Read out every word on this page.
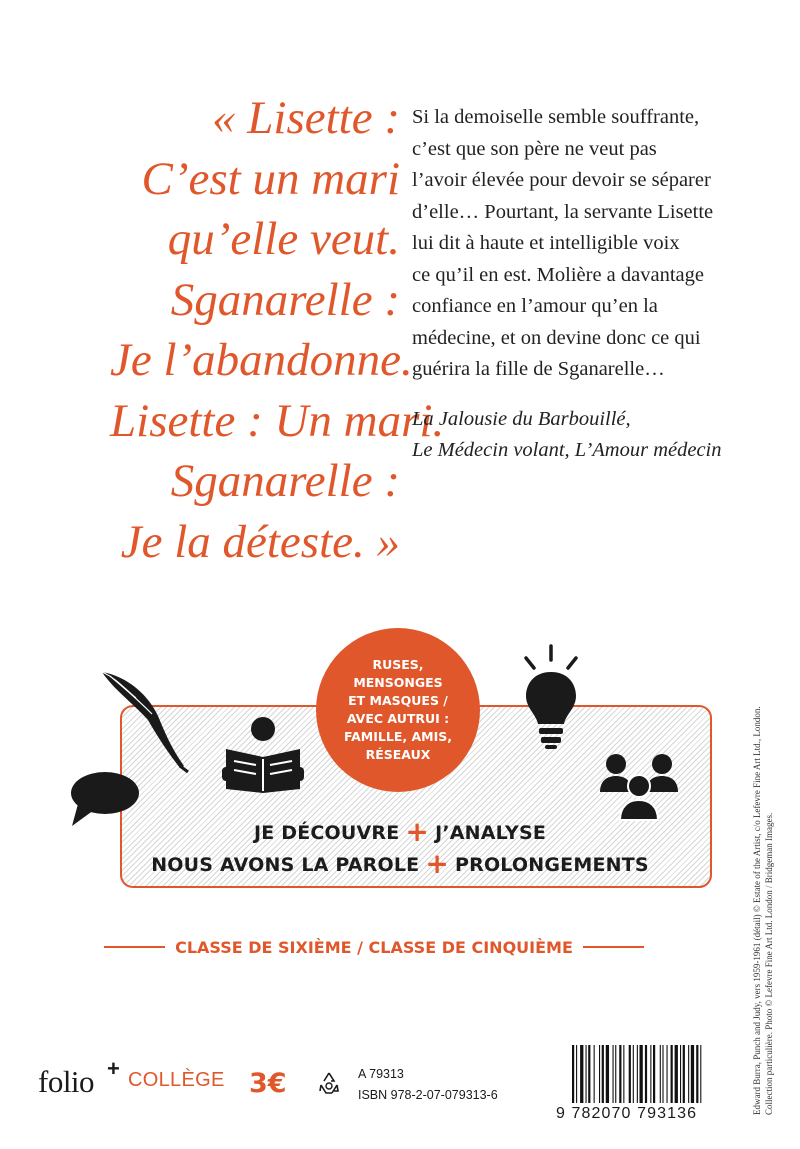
« Lisette :
C’est un mari
qu’elle veut.
Sganarelle :
Je l’abandonne.
Lisette : Un mari.
Sganarelle :
Je la déteste. »
Si la demoiselle semble souffrante,
c’est que son père ne veut pas
l’avoir élevée pour devoir se séparer
d’elle… Pourtant, la servante Lisette
lui dit à haute et intelligible voix
ce qu’il en est. Molière a davantage
confiance en l’amour qu’en la
médecine, et on devine donc ce qui
guérira la fille de Sganarelle…
La Jalousie du Barbouillé,
Le Médecin volant, L’Amour médecin
RUSES,
MENSONGES
ET MASQUES /
AVEC AUTRUI :
FAMILLE, AMIS,
RÉSEAUX
JE DÉCOUVRE + J’ANALYSE
NOUS AVONS LA PAROLE + PROLONGEMENTS
CLASSE DE SIXIÈME / CLASSE DE CINQUIÈME
folio + COLLÈGE 3€	A 79313
ISBN 978-2-07-079313-6
9 782070 793136	Edward Burra, Punch and Judy, vers 1959-1961 (détail) © Estate of the Artist, c/o Lefevre Fine Art Ltd., London. Collection particulière. Photo © Lefevre Fine Art Ltd. London / Bridgeman Images.
